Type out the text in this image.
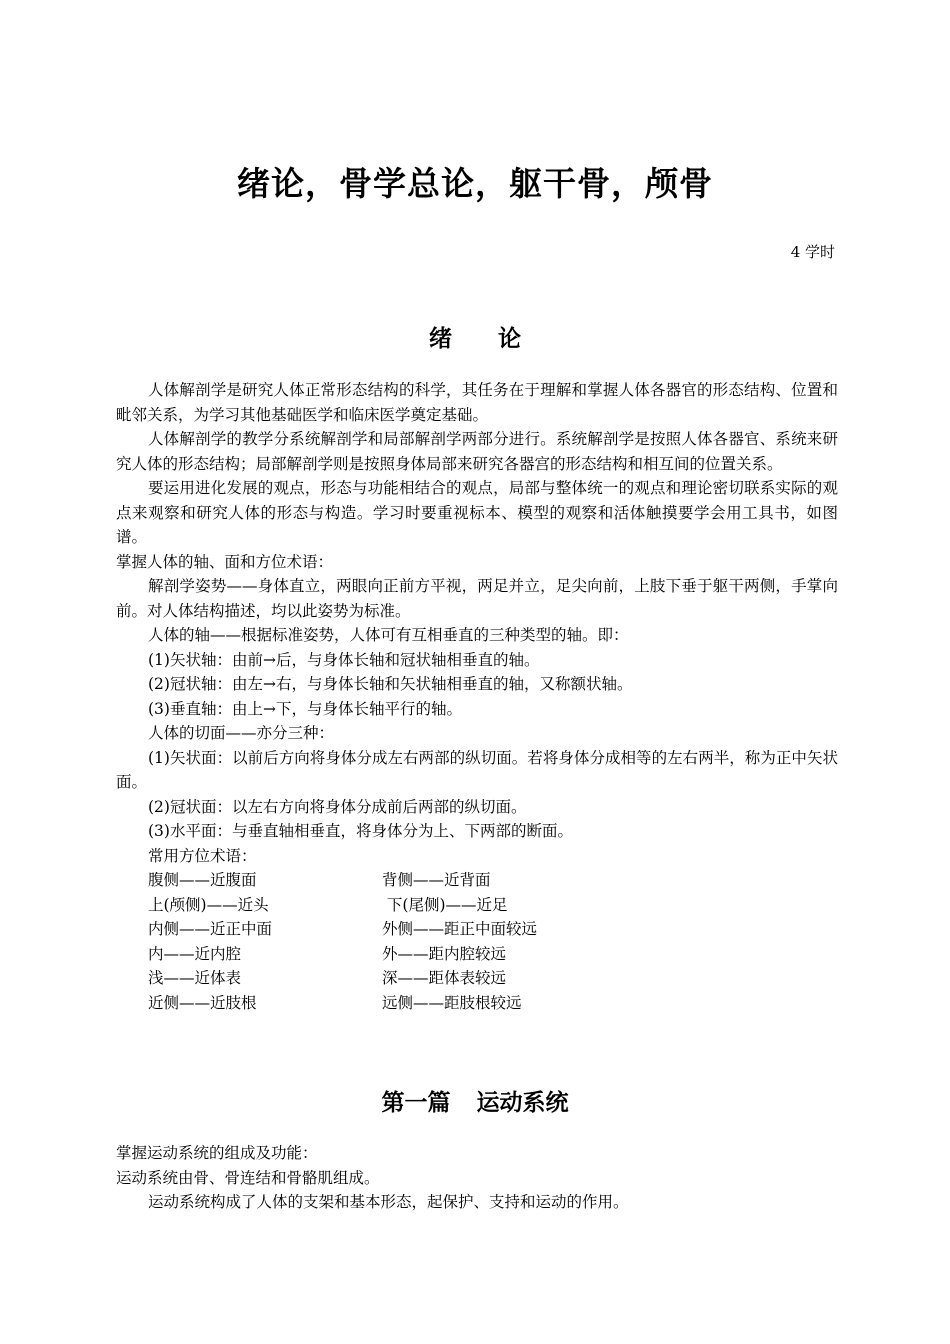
绪论，骨学总论，躯干骨，颅骨
4 学时
绪 论

人体解剖学是研究人体正常形态结构的科学，其任务在于理解和掌握人体各器官的形态结构、位置和毗邻关系，为学习其他基础医学和临床医学奠定基础。

人体解剖学的教学分系统解剖学和局部解剖学两部分进行。系统解剖学是按照人体各器官、系统来研究人体的形态结构；局部解剖学则是按照身体局部来研究各器宫的形态结构和相互间的位置关系。

要运用进化发展的观点，形态与功能相结合的观点，局部与整体统一的观点和理论密切联系实际的观点来观察和研究人体的形态与构造。学习时要重视标本、模型的观察和活体触摸要学会用工具书，如图谱。

掌握人体的轴、面和方位术语：

解剖学姿势——身体直立，两眼向正前方平视，两足并立，足尖向前，上肢下垂于躯干两侧，手掌向前。对人体结构描述，均以此姿势为标准。

人体的轴——根据标准姿势，人体可有互相垂直的三种类型的轴。即：

(1)矢状轴：由前→后，与身体长轴和冠状轴相垂直的轴。

(2)冠状轴：由左→右，与身体长轴和矢状轴相垂直的轴，又称额状轴。

(3)垂直轴：由上→下，与身体长轴平行的轴。

人体的切面——亦分三种：

(1)矢状面：以前后方向将身体分成左右两部的纵切面。若将身体分成相等的左右两半，称为正中矢状面。

(2)冠状面：以左右方向将身体分成前后两部的纵切面。

(3)水平面：与垂直轴相垂直，将身体分为上、下两部的断面。

常用方位术语：

腹侧——近腹面	背侧——近背面
上(颅侧)——近头	下(尾侧)——近足
内侧——近正中面	外侧——距正中面较远
内——近内腔	外——距内腔较远
浅——近体表	深——距体表较远
近侧——近肢根	远侧——距肢根较远
第一篇 运动系统

掌握运动系统的组成及功能：

运动系统由骨、骨连结和骨骼肌组成。

运动系统构成了人体的支架和基本形态，起保护、支持和运动的作用。
